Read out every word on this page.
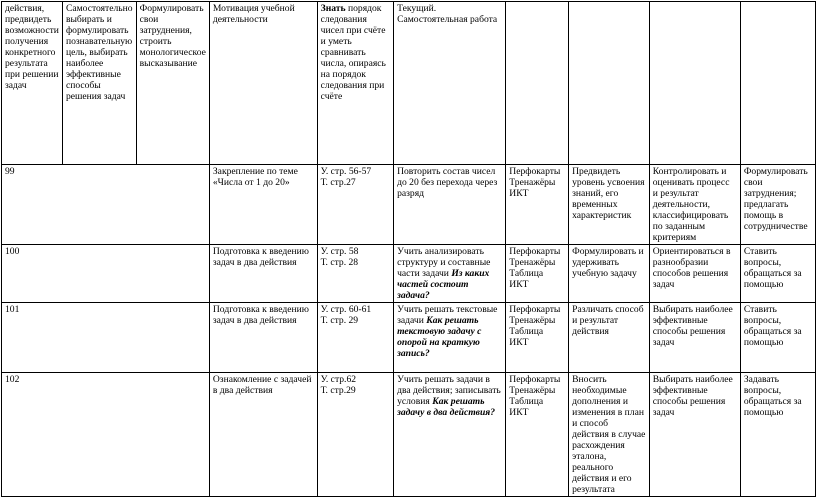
действия, предвидеть возможности получения конкретного результата при решении задач	Самостоятельно выбирать и формулировать познавательную цель, выбирать наиболее эффективные способы решения задач	Формулировать свои затруднения, строить монологическое высказывание	Мотивация учебной деятельности	Знать порядок следования чисел при счёте и уметь сравнивать числа, опираясь на порядок следования при счёте	Текущий.
Самостоятельная работа				

99			Закрепление по теме «Числа от 1 до 20»	У. стр. 56-57
Т. стр.27	Повторить состав чисел до 20 без перехода через разряд	Перфокарты
Тренажёры
ИКТ	Предвидеть уровень усвоения знаний, его временных характеристик	Контролировать и оценивать процесс и результат деятельности, классифицировать по заданным критериям	Формулировать свои затруднения; предлагать помощь в сотрудничестве
100			Подготовка к введению задач в два действия	У. стр. 58
Т. стр. 28	Учить анализировать структуру и составные части задачи Из каких частей состоит задача?	Перфокарты
Тренажёры
Таблица
ИКТ	Формулировать и удерживать учебную задачу	Ориентироваться в разнообразии способов решения задач	Ставить вопросы, обращаться за помощью
101			Подготовка к введению задач в два действия	У. стр. 60-61
Т. стр. 29	Учить решать текстовые задачи Как решать текстовую задачу с опорой на краткую запись?	Перфокарты
Тренажёры
Таблица
ИКТ	Различать способ и результат действия	Выбирать наиболее эффективные способы решения задач	Ставить вопросы, обращаться за помощью
102			Ознакомление с задачей в два действия	У. стр.62
Т. стр.29	Учить решать задачи в два действия; записывать условия Как решать задачу в два действия?	Перфокарты
Тренажёры
Таблица
ИКТ	Вносить необходимые дополнения и изменения в план и способ действия в случае расхождения эталона, реального действия и его результата	Выбирать наиболее эффективные способы решения задач	Задавать вопросы, обращаться за помощью
